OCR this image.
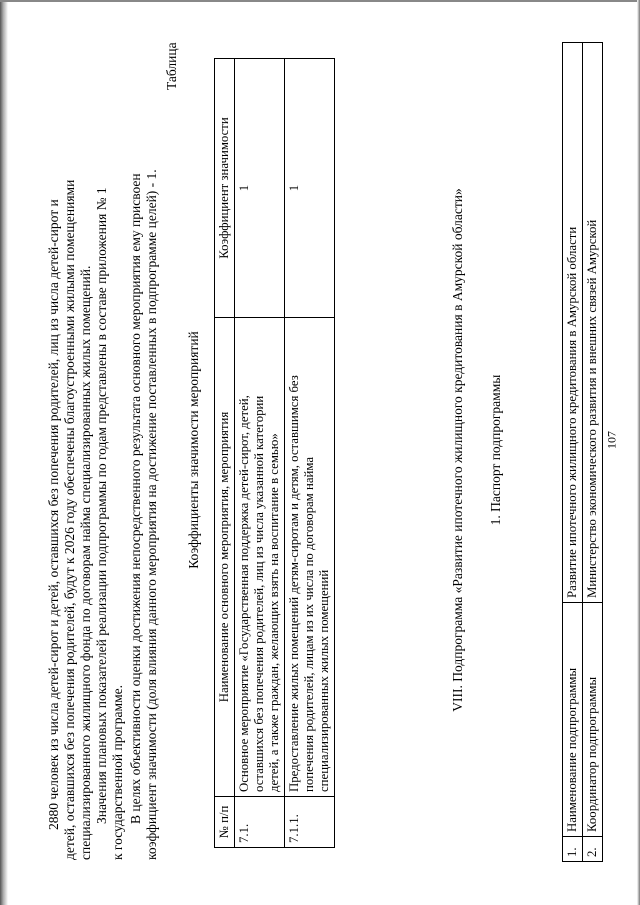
107
2880 человек из числа детей-сирот и детей, оставшихся без попечения родителей, лиц из числа детей-сирот и детей, оставшихся без попечения родителей, будут к 2026 году обеспечены благоустроенными жилыми помещениями специализированного жилищного фонда по договорам найма специализированных жилых помещений. Значения плановых показателей реализации подпрограммы по годам представлены в составе приложения № 1 к государственной программе. В целях объективности оценки достижения непосредственного результата основного мероприятия ему присвоен коэффициент значимости (доля влияния данного мероприятия на достижение поставленных в подпрограмме целей) - 1.
Таблица
Коэффициенты значимости мероприятий
№ п/п	Наименование основного мероприятия, мероприятия	Коэффициент значимости
7.1.	Основное мероприятие «Государственная поддержка детей-сирот, детей, оставшихся без попечения родителей, лиц из числа указанной категории детей, а также граждан, желающих взять на воспитание в семью»	1
7.1.1.	Предоставление жилых помещений детям-сиротам и детям, оставшимся без попечения родителей, лицам из их числа по договорам найма специализированных жилых помещений	1
VIII. Подпрограмма «Развитие ипотечного жилищного кредитования в Амурской области» 1. Паспорт подпрограммы
1.	Наименование подпрограммы	Развитие ипотечного жилищного кредитования в Амурской области
2.	Координатор подпрограммы	Министерство экономического развития и внешних связей Амурской
